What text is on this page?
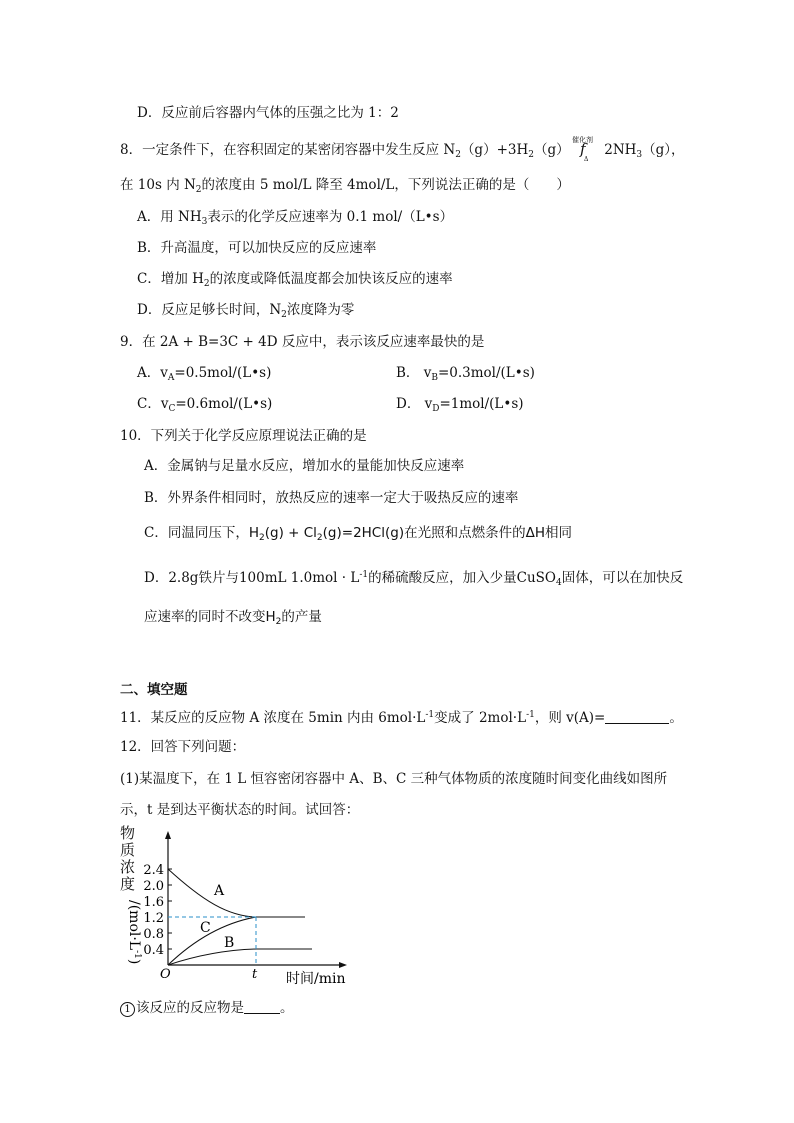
D．反应前后容器内气体的压强之比为 1：2
8．一定条件下，在容积固定的某密闭容器中发生反应 $N_2(g)+3H_2(g)$
催化剂
f
Δ
$2NH_3(g)$，
在 10s 内 $N_2$的浓度由 5 mol/L 降至 4mol/L，下列说法正确的是（　　）
A．用 $NH_3$表示的化学反应速率为 0.1 mol/（L•s）
B．升高温度，可以加快反应的反应速率
C．增加 $H_2$的浓度或降低温度都会加快该反应的速率
D．反应足够长时间，$N_2$浓度降为零
9．在 2A + B=3C + 4D 反应中，表示该反应速率最快的是
A．$v_A=0.5mol/(L•s)$	B． $v_B=0.3mol/(L•s)$
C．$v_C=0.6mol/(L•s)$	D． $v_D=1mol/(L•s)$
10．下列关于化学反应原理说法正确的是
A．金属钠与足量水反应，增加水的量能加快反应速率
B．外界条件相同时，放热反应的速率一定大于吸热反应的速率
C．同温同压下，$H_2(g) + Cl_2(g)=2HCl(g)$在光照和点燃条件的ΔH相同
D．2.8g铁片与100mL $1.0mol \cdot L^{-1}$的稀硫酸反应，加入少量CuSO$_4$固体，可以在加快反
应速率的同时不改变$H_2$的产量
二、填空题
11．某反应的反应物 A 浓度在 5min 内由 $6mol\cdot L^{-1}$变成了 $2mol\cdot L^{-1}$，则 v(A)=	。
12．回答下列问题：
(1)某温度下，在 1 L 恒容密闭容器中 A、B、C 三种气体物质的浓度随时间变化曲线如图所
示，t 是到达平衡状态的时间。试回答：
物
质
浓
度
$/(mol\cdot L^{-1})$
2.4
2.0
1.6
1.2
0.8
0.4
A
C
B
O	t 时间/min
1 该反应的反应物是	。
